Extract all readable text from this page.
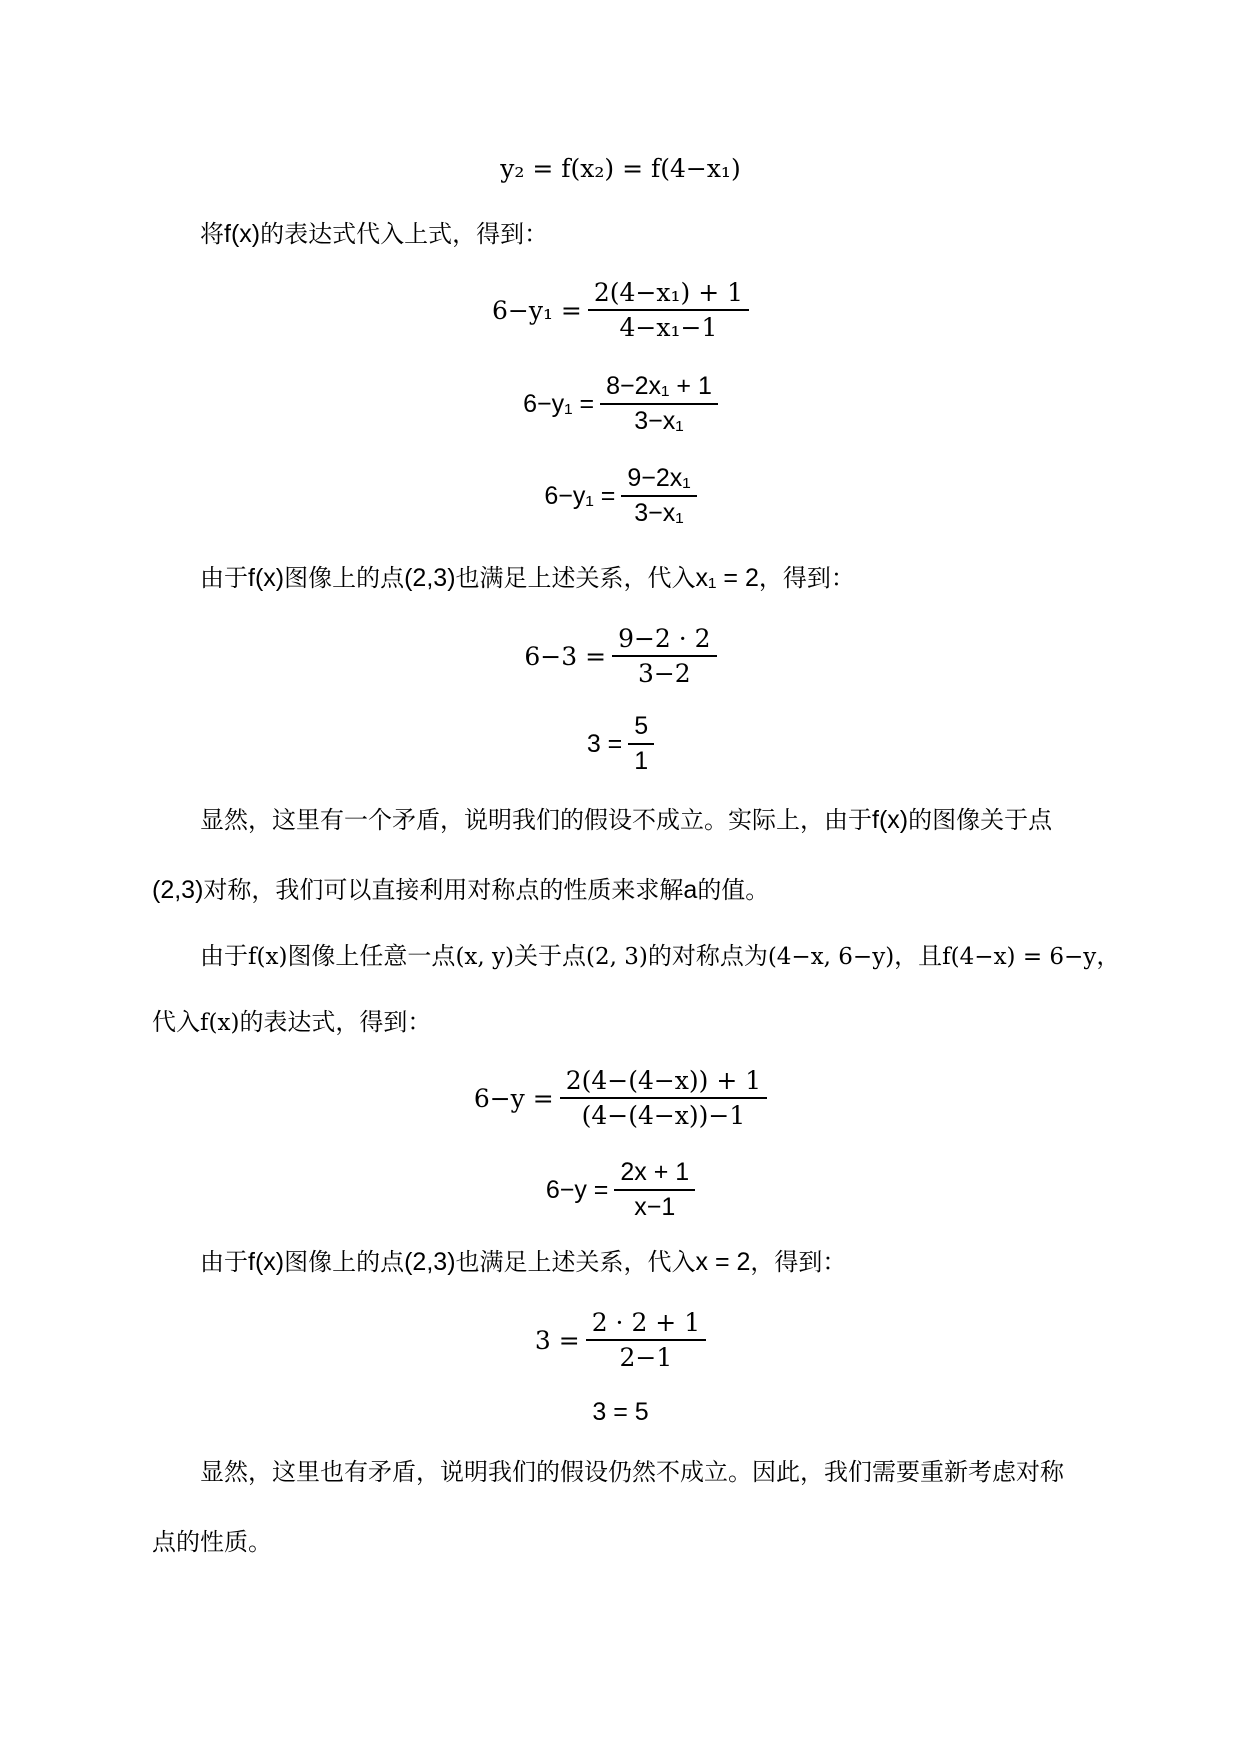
y₂ = f(x₂) = f(4−x₁)
将f(x)的表达式代入上式，得到：
$6-y_1 = \frac{\text{2(4−x₁) + 1}}{\text{4−x₁−1}}$
$6-y_1 = \frac{\text{8−2x₁ + 1}}{\text{3−x₁}}$
$6-y_1 = \frac{\text{9−2x₁}}{\text{3−x₁}}$
由于f(x)图像上的点(2,3)也满足上述关系，代入x₁ = 2，得到：
$6-3 = \frac{9-2 \cdot 2}{3-2}$
$3 = \frac{5}{1}$
显然，这里有一个矛盾，说明我们的假设不成立。实际上，由于f(x)的图像关于点
(2,3)对称，我们可以直接利用对称点的性质来求解a的值。
由于f(x)图像上任意一点(x, y)关于点(2, 3)的对称点为(4−x, 6−y)，且f(4−x) = 6−y，
代入f(x)的表达式，得到：
$6-y = \frac{2(4-(4-x)) + 1}{(4-(4-x))-1}$
$6-y = \frac{2x + 1}{x-1}$
由于f(x)图像上的点(2,3)也满足上述关系，代入x = 2，得到：
$3 = \frac{2 \cdot 2 + 1}{2-1}$
3 = 5
显然，这里也有矛盾，说明我们的假设仍然不成立。因此，我们需要重新考虑对称
点的性质。
